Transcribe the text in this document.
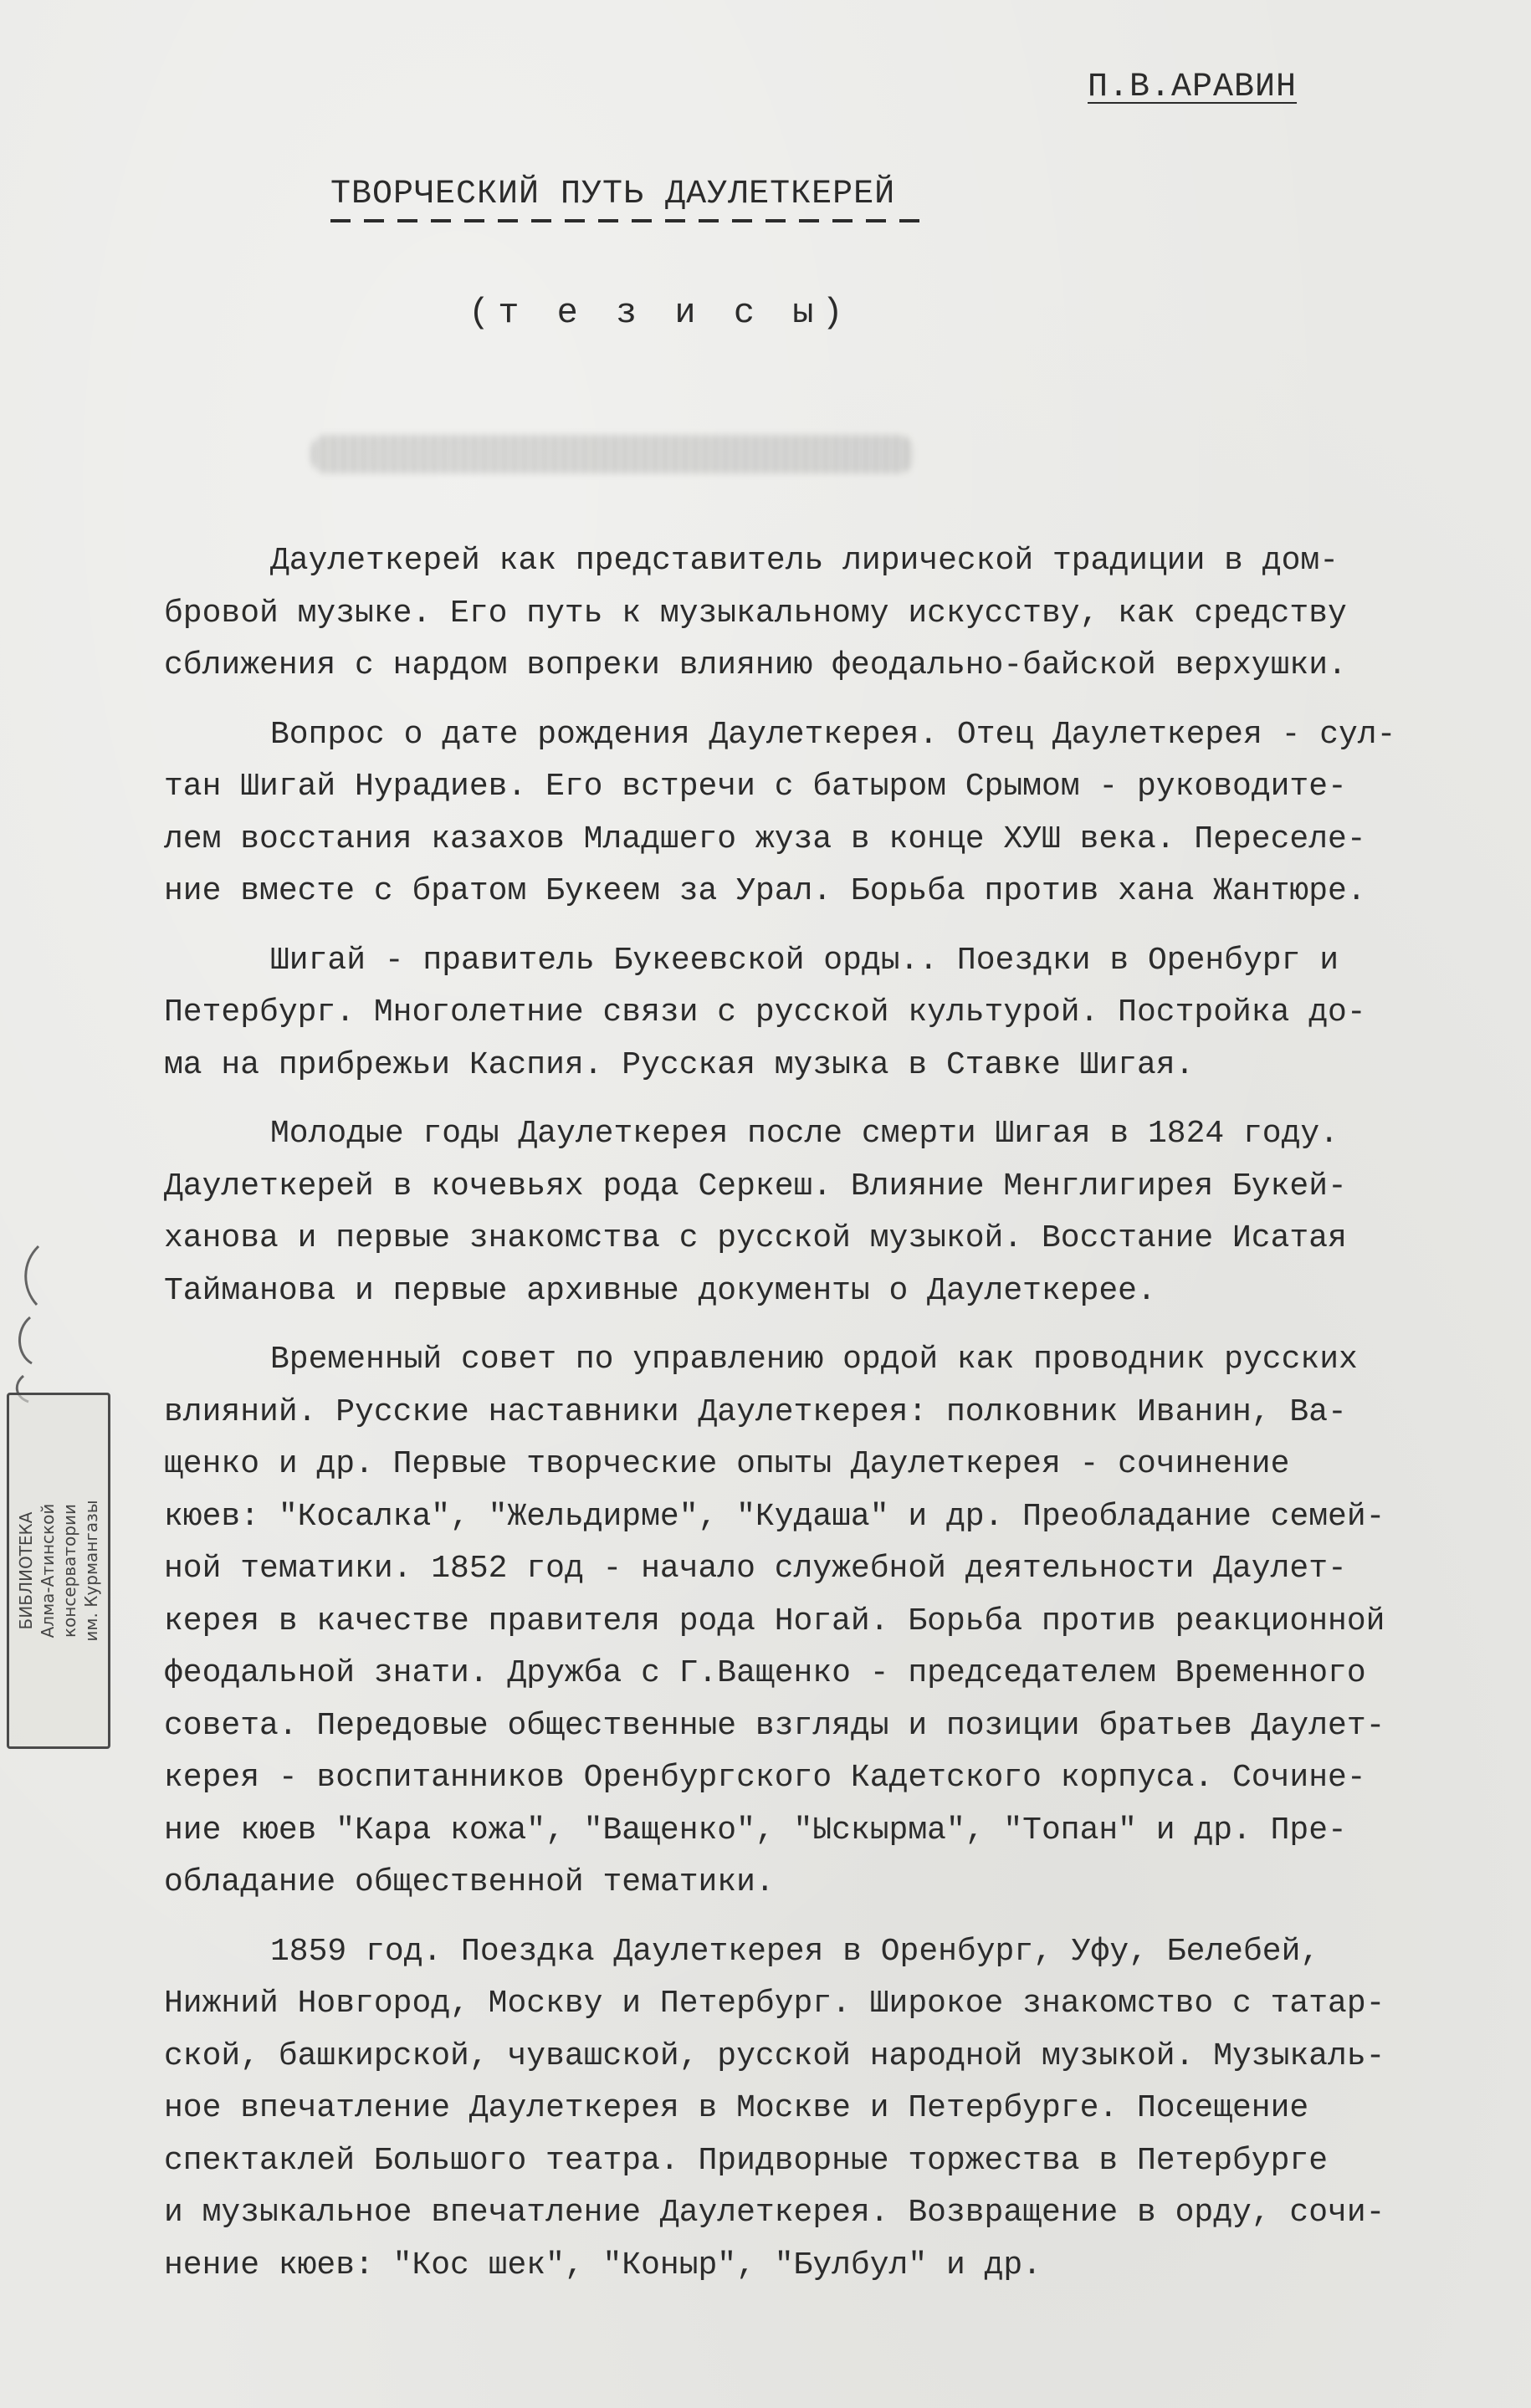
П.В.АРАВИН
ТВОРЧЕСКИЙ ПУТЬ ДАУЛЕТКЕРЕЙ
(т е з и с ы)
Даулеткерей как представитель лирической традиции в дом-
бровой музыке. Его путь к музыкальному искусству, как средству
сближения с нардом вопреки влиянию феодально-байской верхушки.
Вопрос о дате рождения Даулеткерея. Отец Даулеткерея - сул-
тан Шигай Нурадиев. Его встречи с батыром Срымом - руководите-
лем восстания казахов Младшего жуза в конце ХУШ века. Переселе-
ние вместе с братом Букеем за Урал. Борьба против хана Жантюре.
Шигай - правитель Букеевской орды.. Поездки в Оренбург и
Петербург. Многолетние связи с русской культурой. Постройка до-
ма на прибрежьи Каспия. Русская музыка в Ставке Шигая.
Молодые годы Даулеткерея после смерти Шигая в 1824 году.
Даулеткерей в кочевьях рода Серкеш. Влияние Менглигирея Букей-
ханова и первые знакомства с русской музыкой. Восстание Исатая
Тайманова и первые архивные документы о Даулеткерее.
Временный совет по управлению ордой как проводник русских
влияний. Русские наставники Даулеткерея: полковник Иванин, Ва-
щенко и др. Первые творческие опыты Даулеткерея - сочинение
кюев: "Косалка", "Жельдирме", "Кудаша" и др. Преобладание семей-
ной тематики. 1852 год - начало служебной деятельности Даулет-
керея в качестве правителя рода Ногай. Борьба против реакционной
феодальной знати. Дружба с Г.Ващенко - председателем Временного
совета. Передовые общественные взгляды и позиции братьев Даулет-
керея - воспитанников Оренбургского Кадетского корпуса. Сочине-
ние кюев "Кара кожа", "Ващенко", "Ыскырма", "Топан" и др. Пре-
обладание общественной тематики.
1859 год. Поездка Даулеткерея в Оренбург, Уфу, Белебей,
Нижний Новгород, Москву и Петербург. Широкое знакомство с татар-
ской, башкирской, чувашской, русской народной музыкой. Музыкаль-
ное впечатление Даулеткерея в Москве и Петербурге. Посещение
спектаклей Большого театра. Придворные торжества в Петербурге
и музыкальное впечатление Даулеткерея. Возвращение в орду, сочи-
нение кюев: "Кос шек", "Коныр", "Булбул" и др.
БИБЛИОТЕКА Алма-Атинской консерватории им. Курмангазы
